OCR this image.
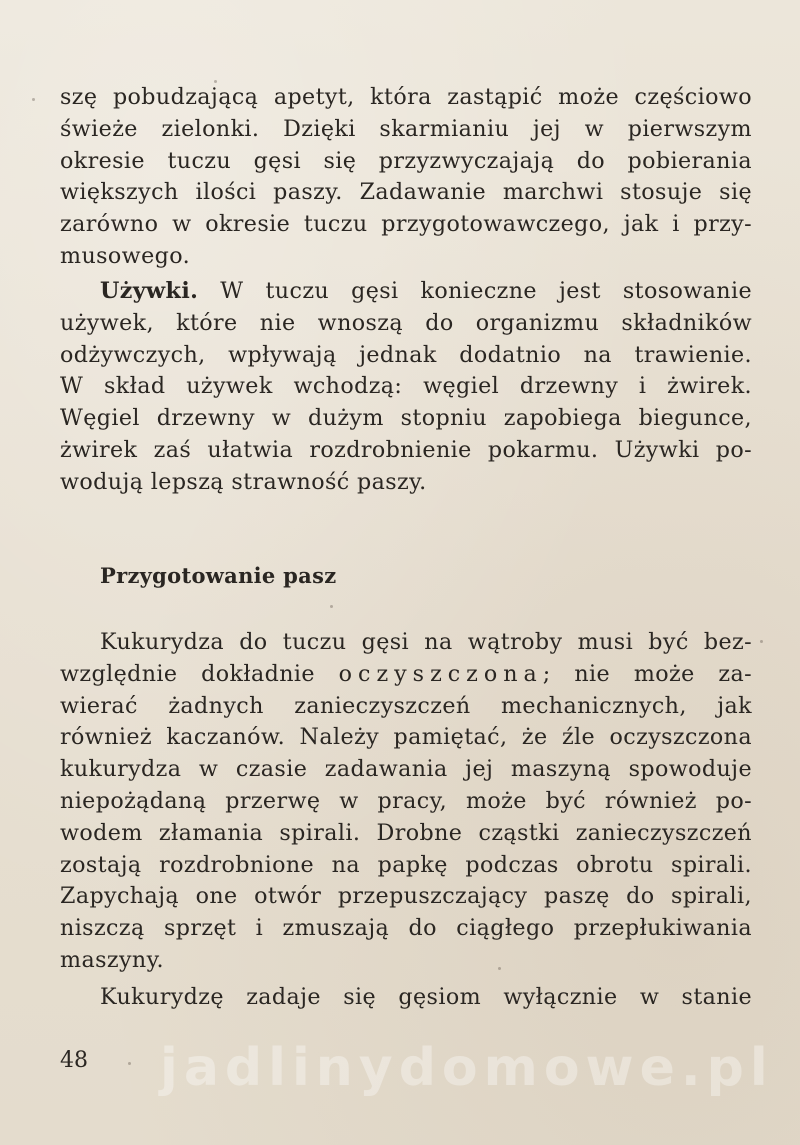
szę pobudzającą apetyt, która zastąpić może częściowo
świeże zielonki. Dzięki skarmianiu jej w pierwszym
okresie tuczu gęsi się przyzwyczajają do pobierania
większych ilości paszy. Zadawanie marchwi stosuje się
zarówno w okresie tuczu przygotowawczego, jak i przy-
musowego.
Używki. W tuczu gęsi konieczne jest stosowanie
używek, które nie wnoszą do organizmu składników
odżywczych, wpływają jednak dodatnio na trawienie.
W skład używek wchodzą: węgiel drzewny i żwirek.
Węgiel drzewny w dużym stopniu zapobiega biegunce,
żwirek zaś ułatwia rozdrobnienie pokarmu. Używki po-
wodują lepszą strawność paszy.
Przygotowanie pasz
Kukurydza do tuczu gęsi na wątroby musi być bez-
względnie dokładnie oczyszczona; nie może za-
wierać żadnych zanieczyszczeń mechanicznych, jak
również kaczanów. Należy pamiętać, że źle oczyszczona
kukurydza w czasie zadawania jej maszyną spowoduje
niepożądaną przerwę w pracy, może być również po-
wodem złamania spirali. Drobne cząstki zanieczyszczeń
zostają rozdrobnione na papkę podczas obrotu spirali.
Zapychają one otwór przepuszczający paszę do spirali,
niszczą sprzęt i zmuszają do ciągłego przepłukiwania
maszyny.
Kukurydzę zadaje się gęsiom wyłącznie w stanie
jadlinydomowe.pl
48
